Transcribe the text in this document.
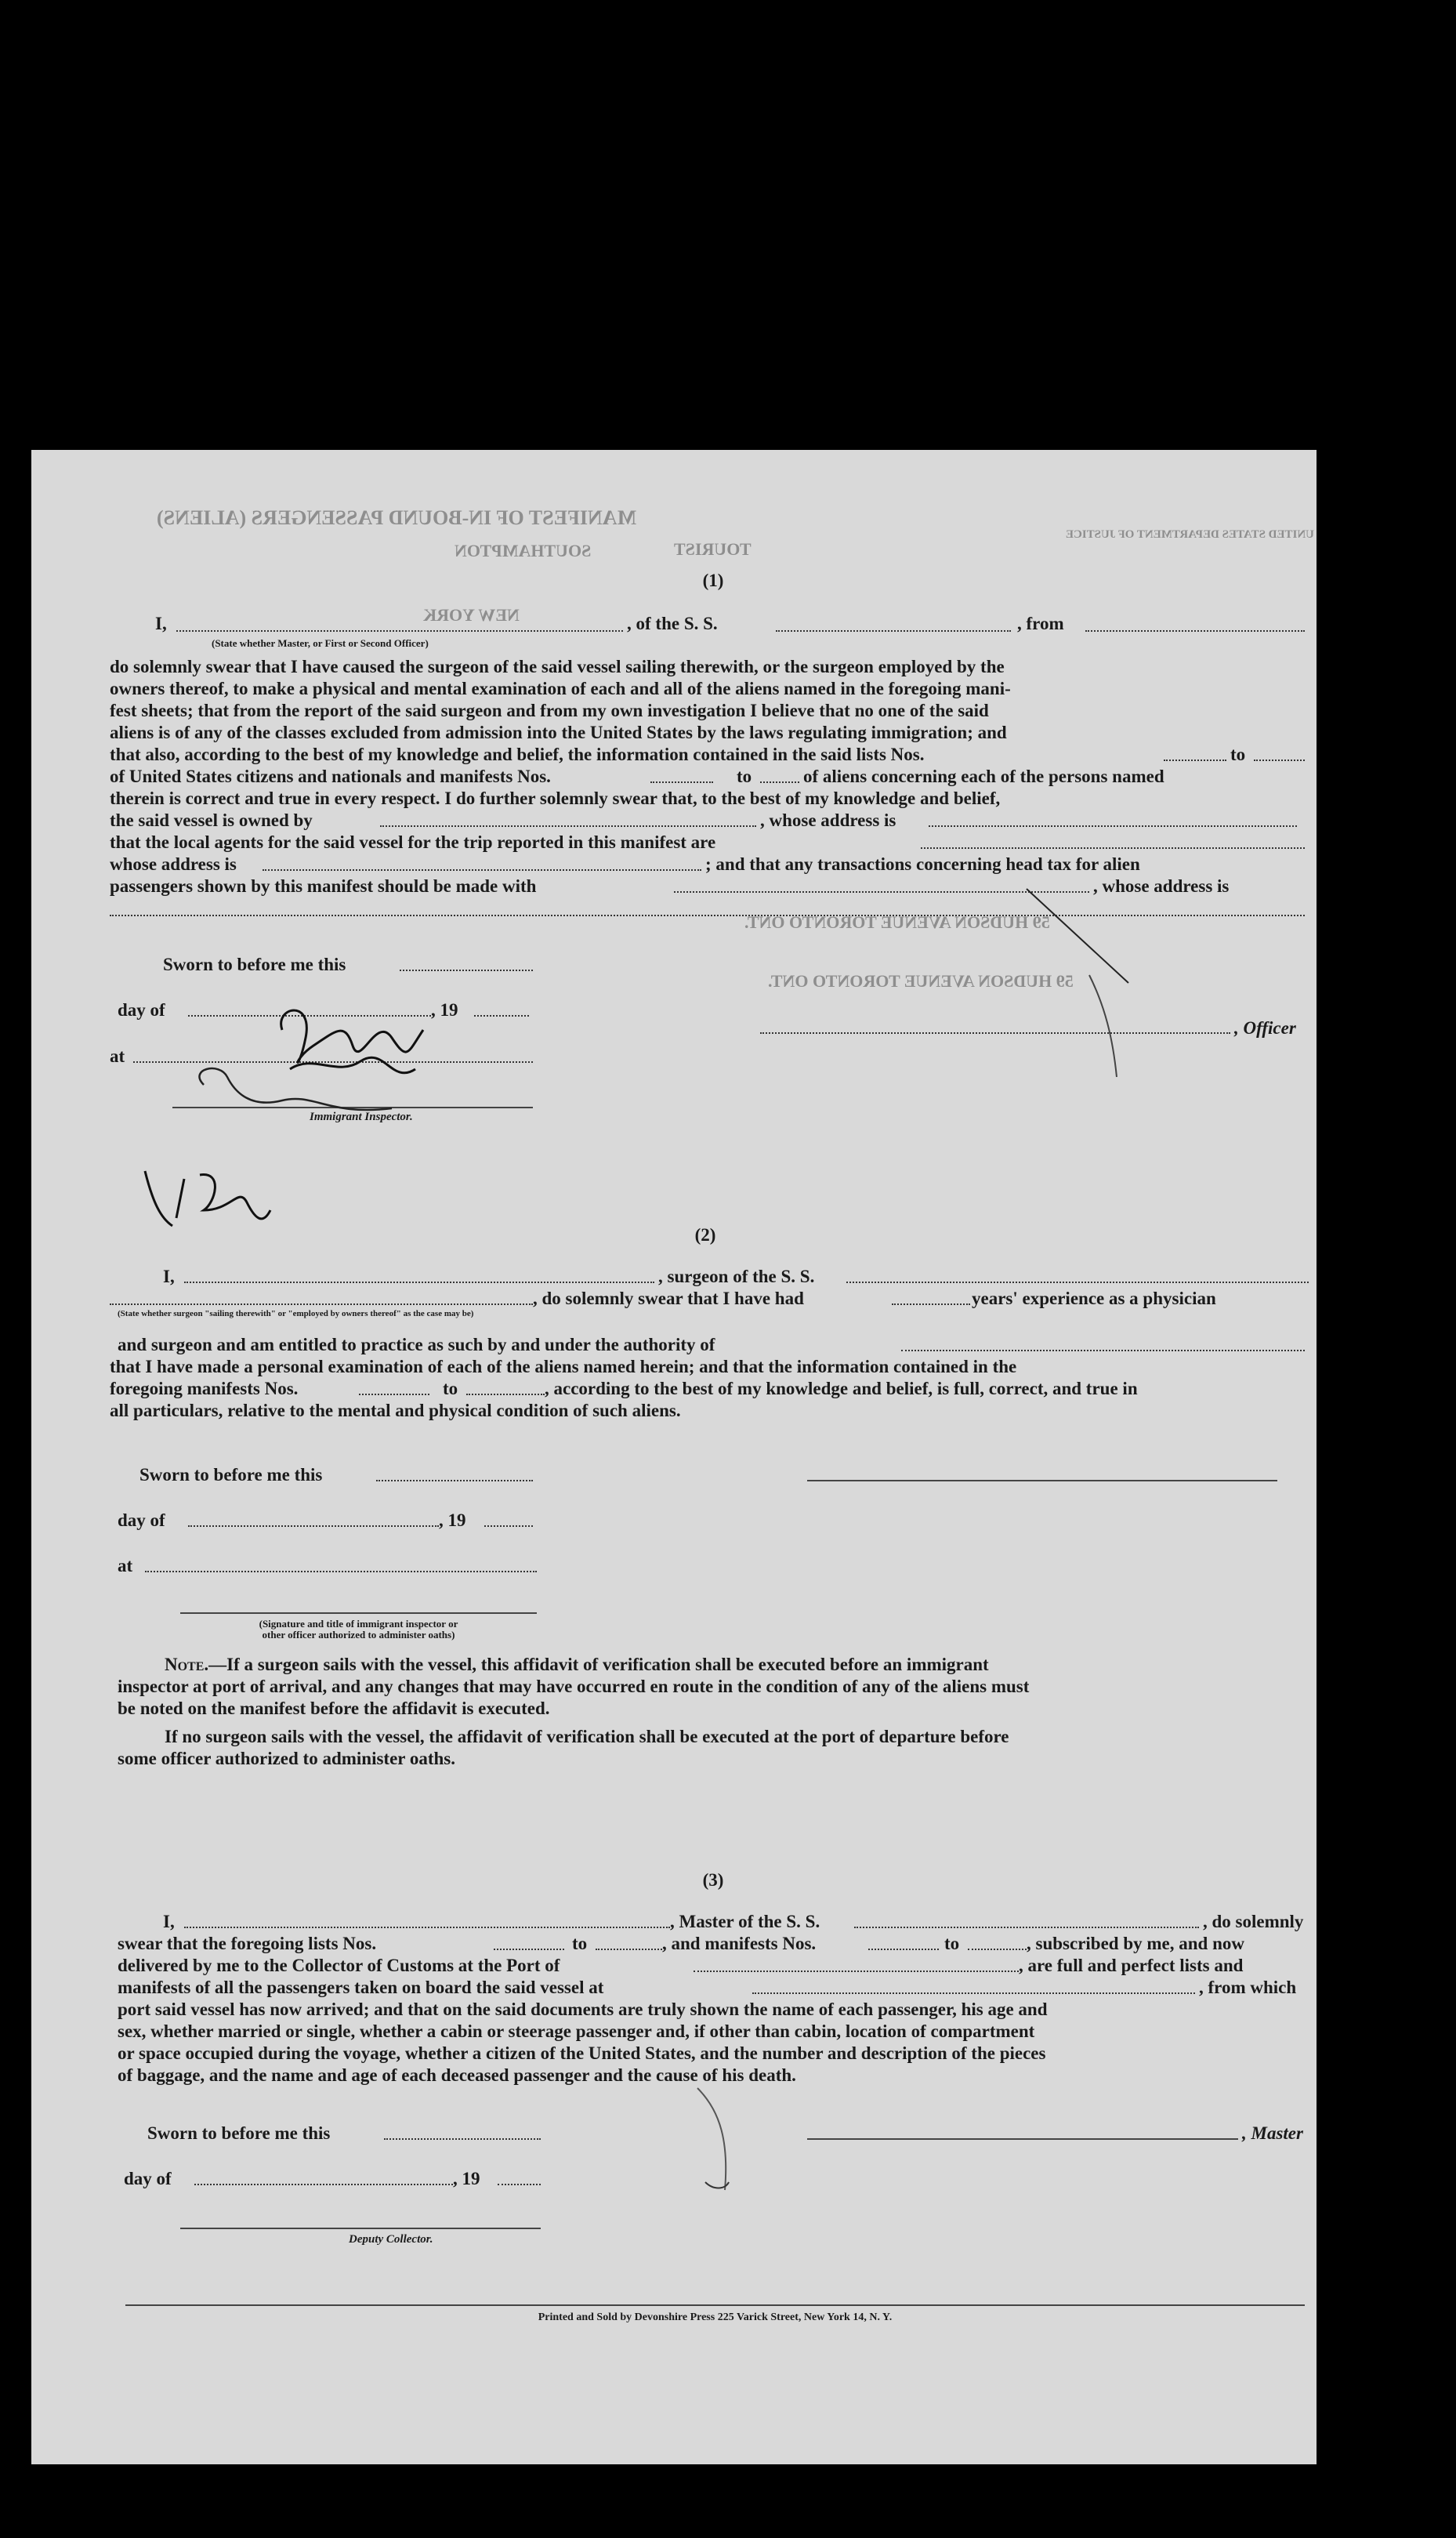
MANIFEST OF IN-BOUND PASSENGERS (ALIENS)
TOURIST
SOUTHAMPTON
NEW YORK
UNITED STATES DEPARTMENT OF JUSTICE
59 HUDSON AVENUE TORONTO ONT.
59 HUDSON AVENUE TORONTO ONT.
(1)
I,	, of the S. S.	, from
(State whether Master, or First or Second Officer)
do solemnly swear that I have caused the surgeon of the said vessel sailing therewith, or the surgeon employed by the
owners thereof, to make a physical and mental examination of each and all of the aliens named in the foregoing mani-
fest sheets; that from the report of the said surgeon and from my own investigation I believe that no one of the said
aliens is of any of the classes excluded from admission into the United States by the laws regulating immigration; and
that also, according to the best of my knowledge and belief, the information contained in the said lists Nos.	to
of United States citizens and nationals and manifests Nos.	to	of aliens concerning each of the persons named
therein is correct and true in every respect. I do further solemnly swear that, to the best of my knowledge and belief,
the said vessel is owned by	, whose address is
that the local agents for the said vessel for the trip reported in this manifest are
whose address is	; and that any transactions concerning head tax for alien
passengers shown by this manifest should be made with	, whose address is
Sworn to before me this
day of	, 19
, Officer
at
Immigrant Inspector.
(2)
I,	, surgeon of the S. S.
, do solemnly swear that I have had	years' experience as a physician
(State whether surgeon "sailing therewith" or "employed by owners thereof" as the case may be)
and surgeon and am entitled to practice as such by and under the authority of
that I have made a personal examination of each of the aliens named herein; and that the information contained in the
foregoing manifests Nos.	to	, according to the best of my knowledge and belief, is full, correct, and true in
all particulars, relative to the mental and physical condition of such aliens.
Sworn to before me this
day of	, 19
at
(Signature and title of immigrant inspector or
other officer authorized to administer oaths)
Note.—If a surgeon sails with the vessel, this affidavit of verification shall be executed before an immigrant
inspector at port of arrival, and any changes that may have occurred en route in the condition of any of the aliens must
be noted on the manifest before the affidavit is executed.
If no surgeon sails with the vessel, the affidavit of verification shall be executed at the port of departure before
some officer authorized to administer oaths.
(3)
I,	, Master of the S. S.	, do solemnly
swear that the foregoing lists Nos.	to	, and manifests Nos.	to	, subscribed by me, and now
delivered by me to the Collector of Customs at the Port of	, are full and perfect lists and
manifests of all the passengers taken on board the said vessel at	, from which
port said vessel has now arrived; and that on the said documents are truly shown the name of each passenger, his age and
sex, whether married or single, whether a cabin or steerage passenger and, if other than cabin, location of compartment
or space occupied during the voyage, whether a citizen of the United States, and the number and description of the pieces
of baggage, and the name and age of each deceased passenger and the cause of his death.
Sworn to before me this	, Master
day of	, 19
Deputy Collector.
Printed and Sold by Devonshire Press 225 Varick Street, New York 14, N. Y.
